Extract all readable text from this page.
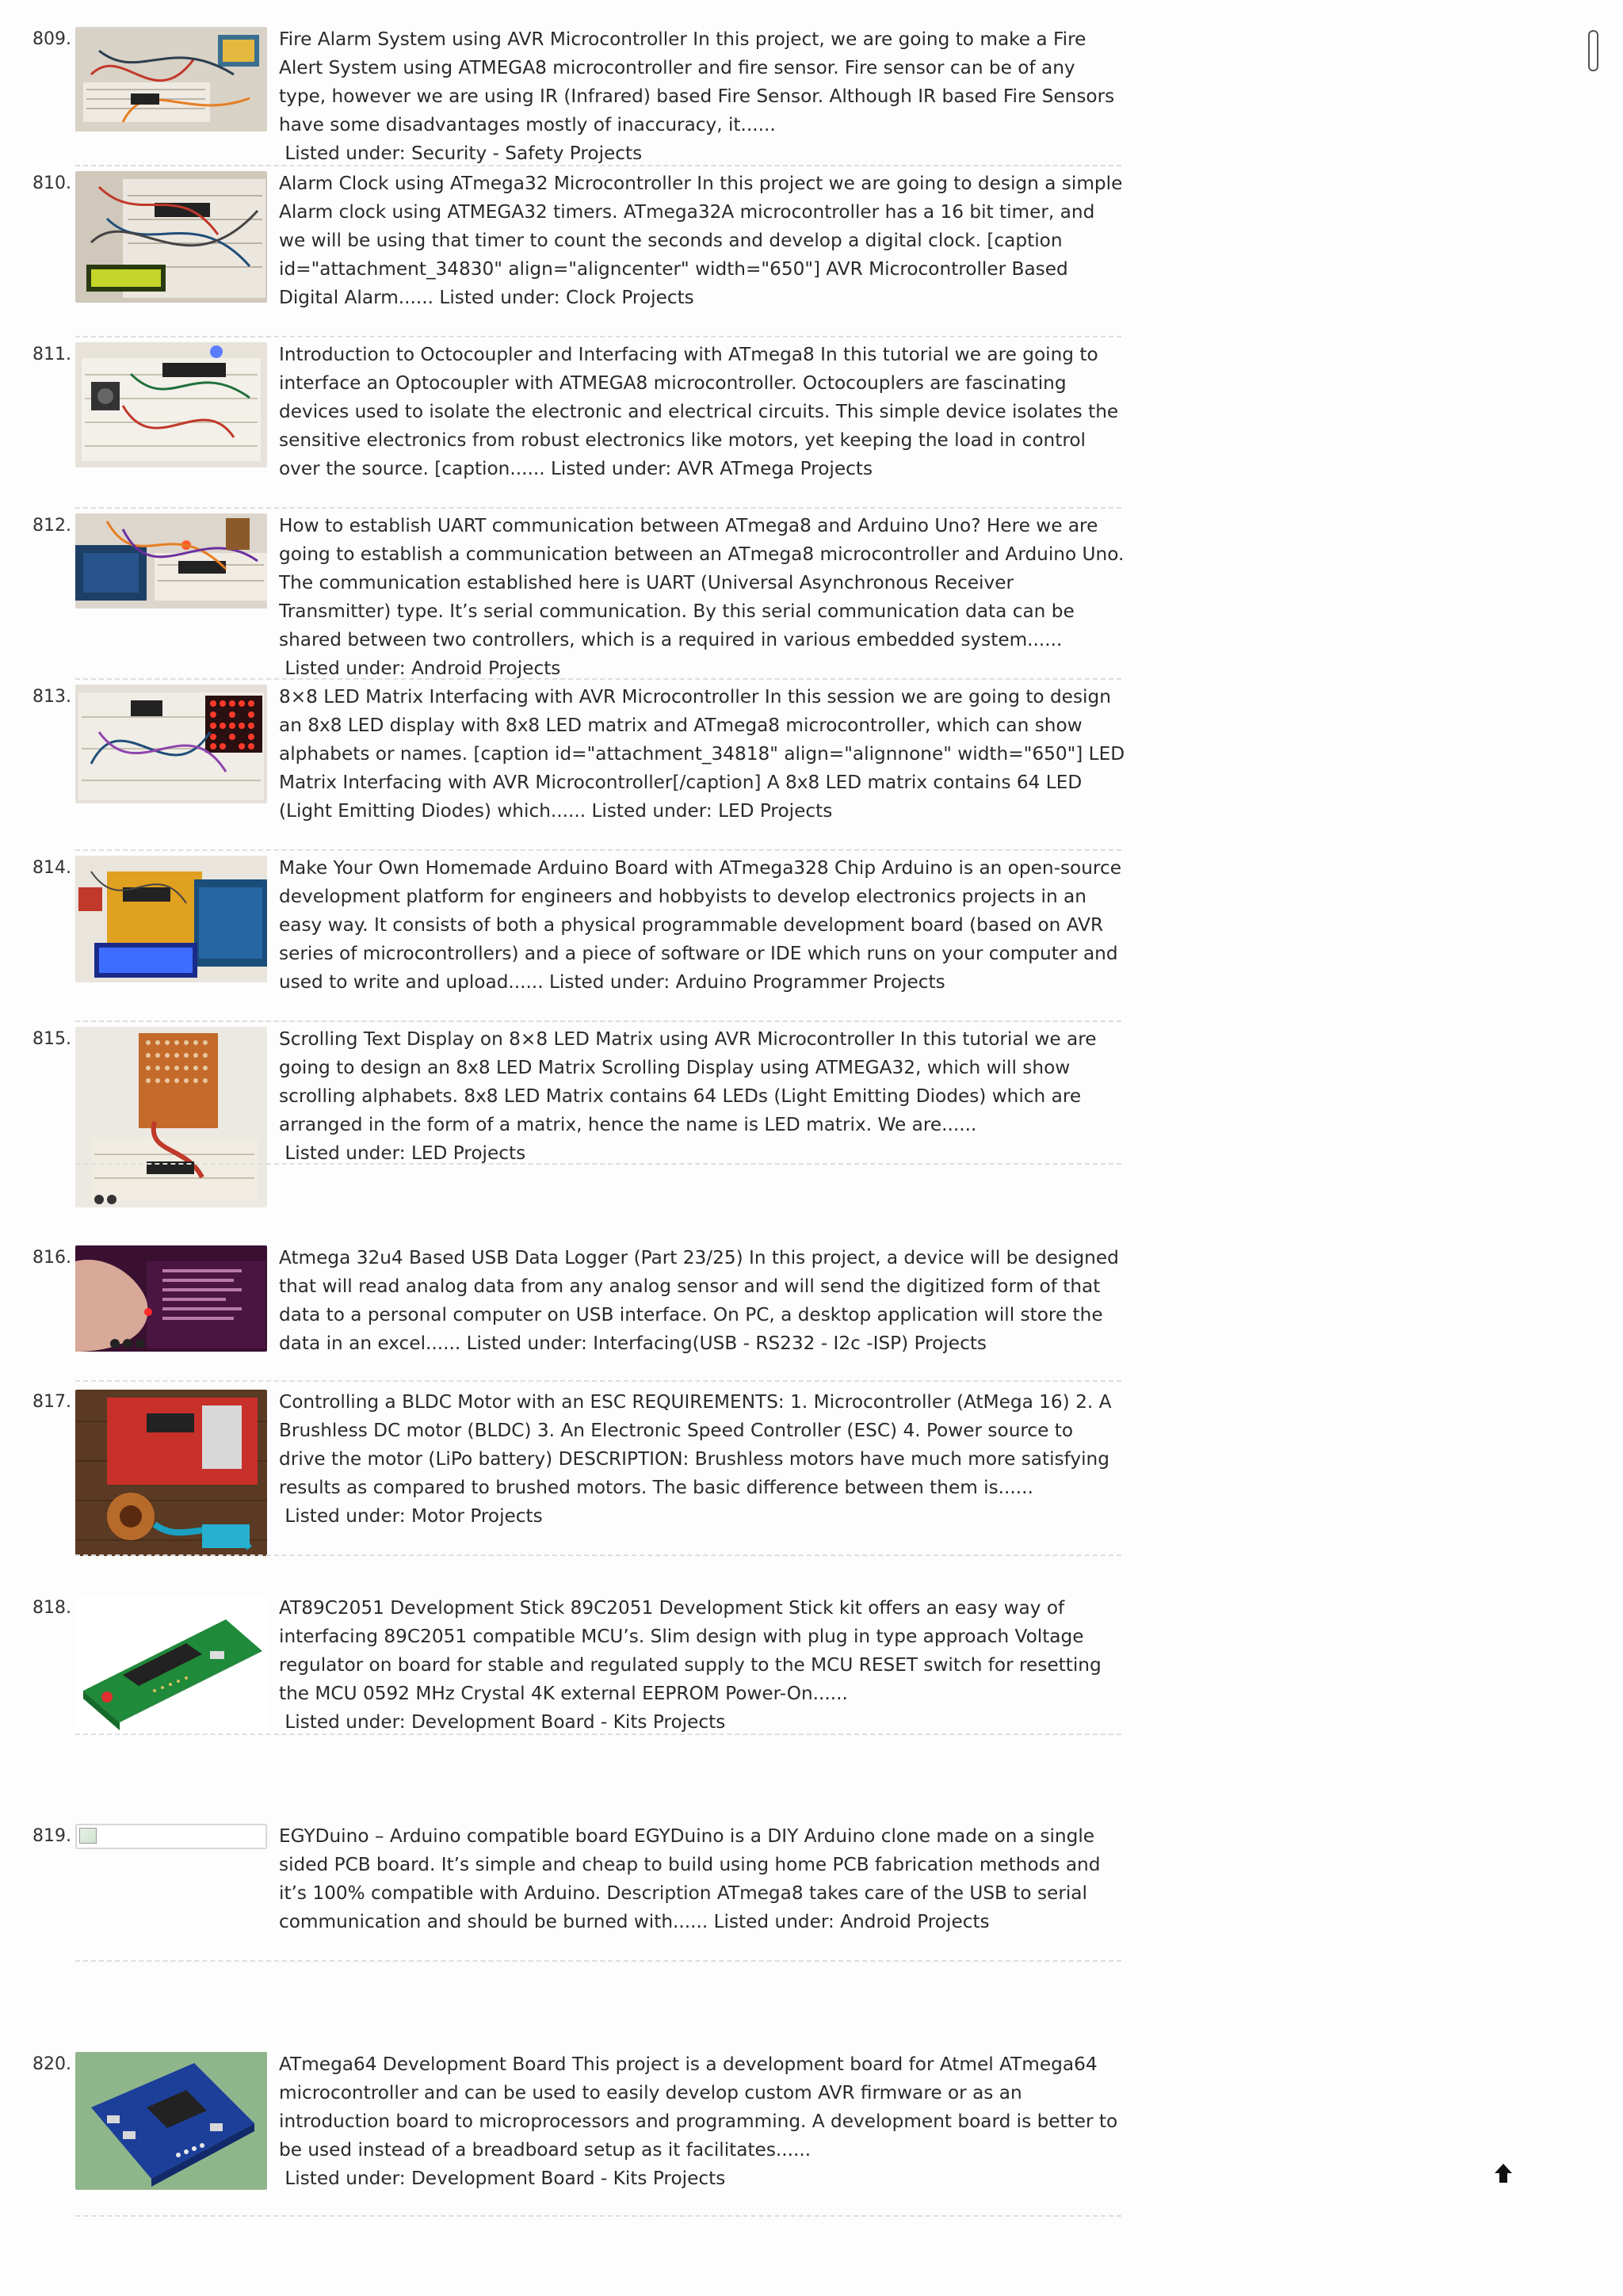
809.	Fire Alarm System using AVR Microcontroller In this project, we are going to make a Fire Alert System using ATMEGA8 microcontroller and fire sensor. Fire sensor can be of any type, however we are using IR (Infrared) based Fire Sensor. Although IR based Fire Sensors have some disadvantages mostly of inaccuracy, it...... Listed under: Security - Safety Projects
810.	Alarm Clock using ATmega32 Microcontroller In this project we are going to design a simple Alarm clock using ATMEGA32 timers. ATmega32A microcontroller has a 16 bit timer, and we will be using that timer to count the seconds and develop a digital clock. [caption id="attachment_34830" align="aligncenter" width="650"] AVR Microcontroller Based Digital Alarm...... Listed under: Clock Projects
811.	Introduction to Octocoupler and Interfacing with ATmega8 In this tutorial we are going to interface an Optocoupler with ATMEGA8 microcontroller. Octocouplers are fascinating devices used to isolate the electronic and electrical circuits. This simple device isolates the sensitive electronics from robust electronics like motors, yet keeping the load in control over the source. [caption...... Listed under: AVR ATmega Projects
812.	How to establish UART communication between ATmega8 and Arduino Uno? Here we are going to establish a communication between an ATmega8 microcontroller and Arduino Uno. The communication established here is UART (Universal Asynchronous Receiver Transmitter) type. It’s serial communication. By this serial communication data can be shared between two controllers, which is a required in various embedded system...... Listed under: Android Projects
813.	8×8 LED Matrix Interfacing with AVR Microcontroller In this session we are going to design an 8x8 LED display with 8x8 LED matrix and ATmega8 microcontroller, which can show alphabets or names. [caption id="attachment_34818" align="alignnone" width="650"] LED Matrix Interfacing with AVR Microcontroller[/caption] A 8x8 LED matrix contains 64 LED (Light Emitting Diodes) which...... Listed under: LED Projects
814.	Make Your Own Homemade Arduino Board with ATmega328 Chip Arduino is an open-source development platform for engineers and hobbyists to develop electronics projects in an easy way. It consists of both a physical programmable development board (based on AVR series of microcontrollers) and a piece of software or IDE which runs on your computer and used to write and upload...... Listed under: Arduino Programmer Projects
815.	Scrolling Text Display on 8×8 LED Matrix using AVR Microcontroller In this tutorial we are going to design an 8x8 LED Matrix Scrolling Display using ATMEGA32, which will show scrolling alphabets. 8x8 LED Matrix contains 64 LEDs (Light Emitting Diodes) which are arranged in the form of a matrix, hence the name is LED matrix. We are...... Listed under: LED Projects
816.	Atmega 32u4 Based USB Data Logger (Part 23/25) In this project, a device will be designed that will read analog data from any analog sensor and will send the digitized form of that data to a personal computer on USB interface. On PC, a desktop application will store the data in an excel...... Listed under: Interfacing(USB - RS232 - I2c -ISP) Projects
817.	Controlling a BLDC Motor with an ESC REQUIREMENTS: 1. Microcontroller (AtMega 16) 2. A Brushless DC motor (BLDC) 3. An Electronic Speed Controller (ESC) 4. Power source to drive the motor (LiPo battery) DESCRIPTION: Brushless motors have much more satisfying results as compared to brushed motors. The basic difference between them is...... Listed under: Motor Projects
818.	AT89C2051 Development Stick 89C2051 Development Stick kit offers an easy way of interfacing 89C2051 compatible MCU’s. Slim design with plug in type approach Voltage regulator on board for stable and regulated supply to the MCU RESET switch for resetting the MCU 0592 MHz Crystal 4K external EEPROM Power-On...... Listed under: Development Board - Kits Projects
819.	EGYDuino – Arduino compatible board EGYDuino is a DIY Arduino clone made on a single sided PCB board. It’s simple and cheap to build using home PCB fabrication methods and it’s 100% compatible with Arduino. Description ATmega8 takes care of the USB to serial communication and should be burned with...... Listed under: Android Projects
820.	ATmega64 Development Board This project is a development board for Atmel ATmega64 microcontroller and can be used to easily develop custom AVR firmware or as an introduction board to microprocessors and programming. A development board is better to be used instead of a breadboard setup as it facilitates...... Listed under: Development Board - Kits Projects
